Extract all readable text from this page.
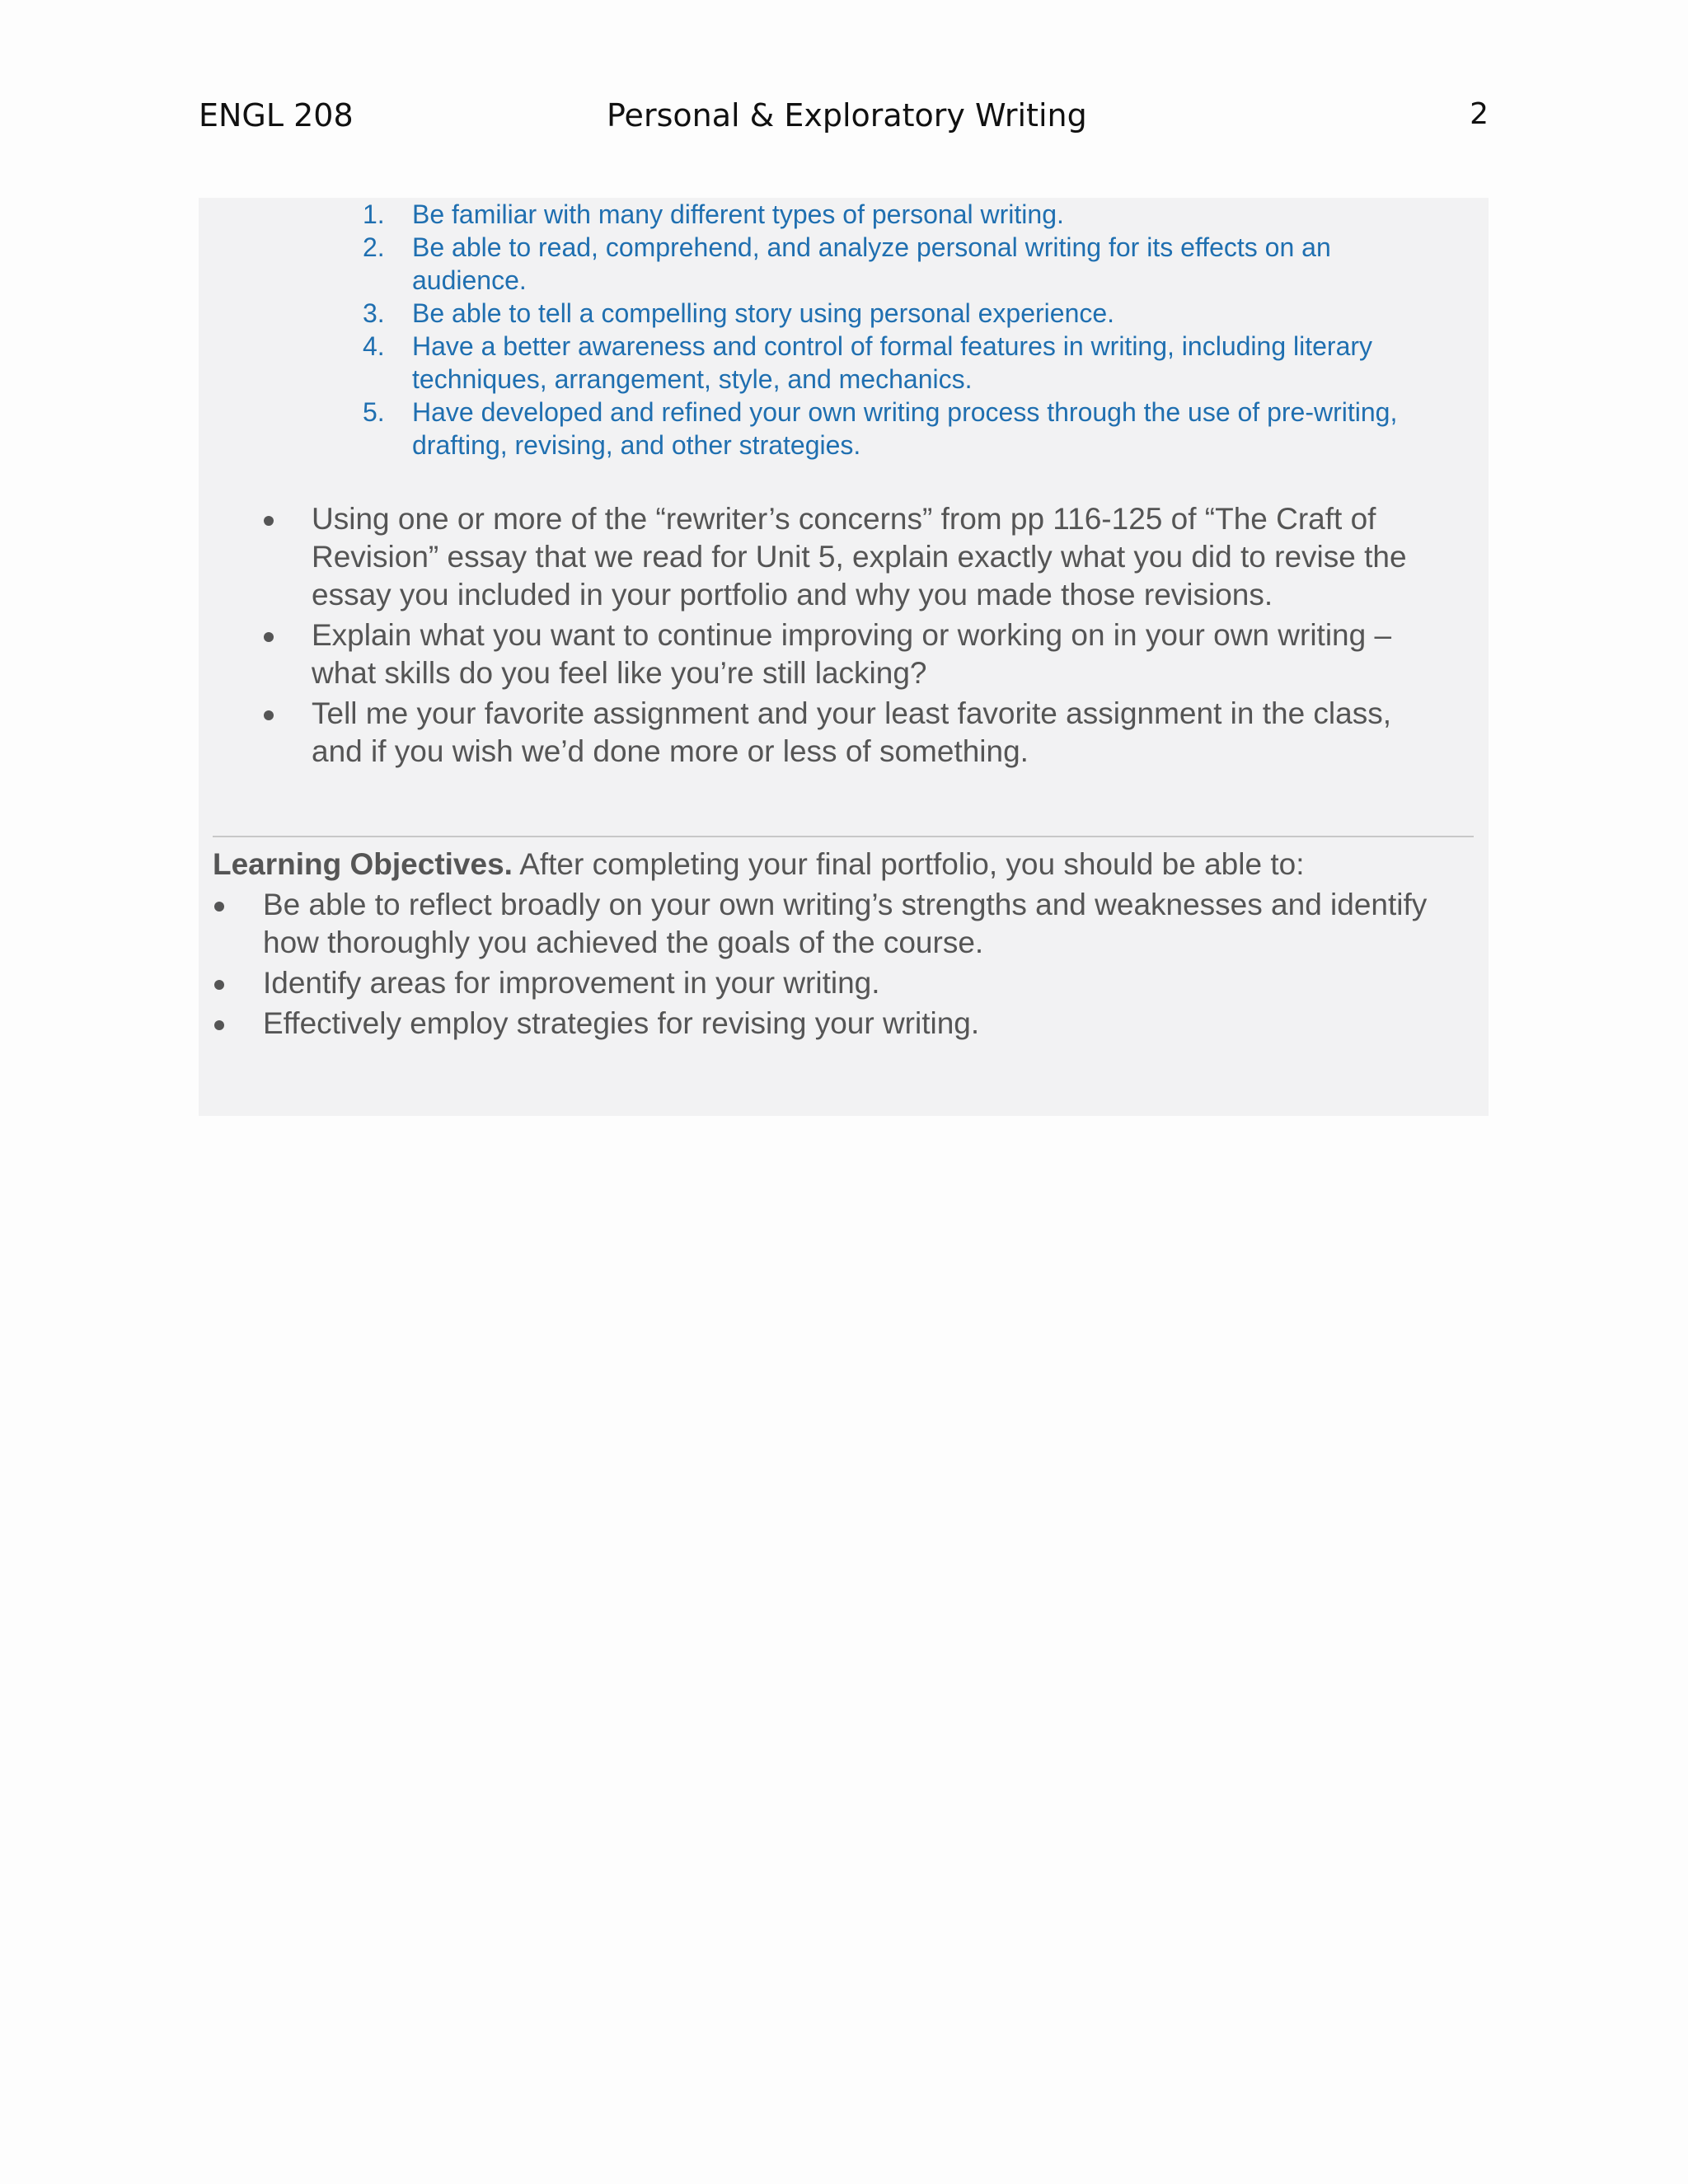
ENGL 208	Personal & Exploratory Writing	2
1. Be familiar with many different types of personal writing.
2. Be able to read, comprehend, and analyze personal writing for its effects on an audience.
3. Be able to tell a compelling story using personal experience.
4. Have a better awareness and control of formal features in writing, including literary techniques, arrangement, style, and mechanics.
5. Have developed and refined your own writing process through the use of pre-writing, drafting, revising, and other strategies.
Using one or more of the “rewriter’s concerns” from pp 116-125 of “The Craft of Revision” essay that we read for Unit 5, explain exactly what you did to revise the essay you included in your portfolio and why you made those revisions.
Explain what you want to continue improving or working on in your own writing – what skills do you feel like you’re still lacking?
Tell me your favorite assignment and your least favorite assignment in the class, and if you wish we’d done more or less of something.
Learning Objectives. After completing your final portfolio, you should be able to:
Be able to reflect broadly on your own writing’s strengths and weaknesses and identify how thoroughly you achieved the goals of the course.
Identify areas for improvement in your writing.
Effectively employ strategies for revising your writing.
